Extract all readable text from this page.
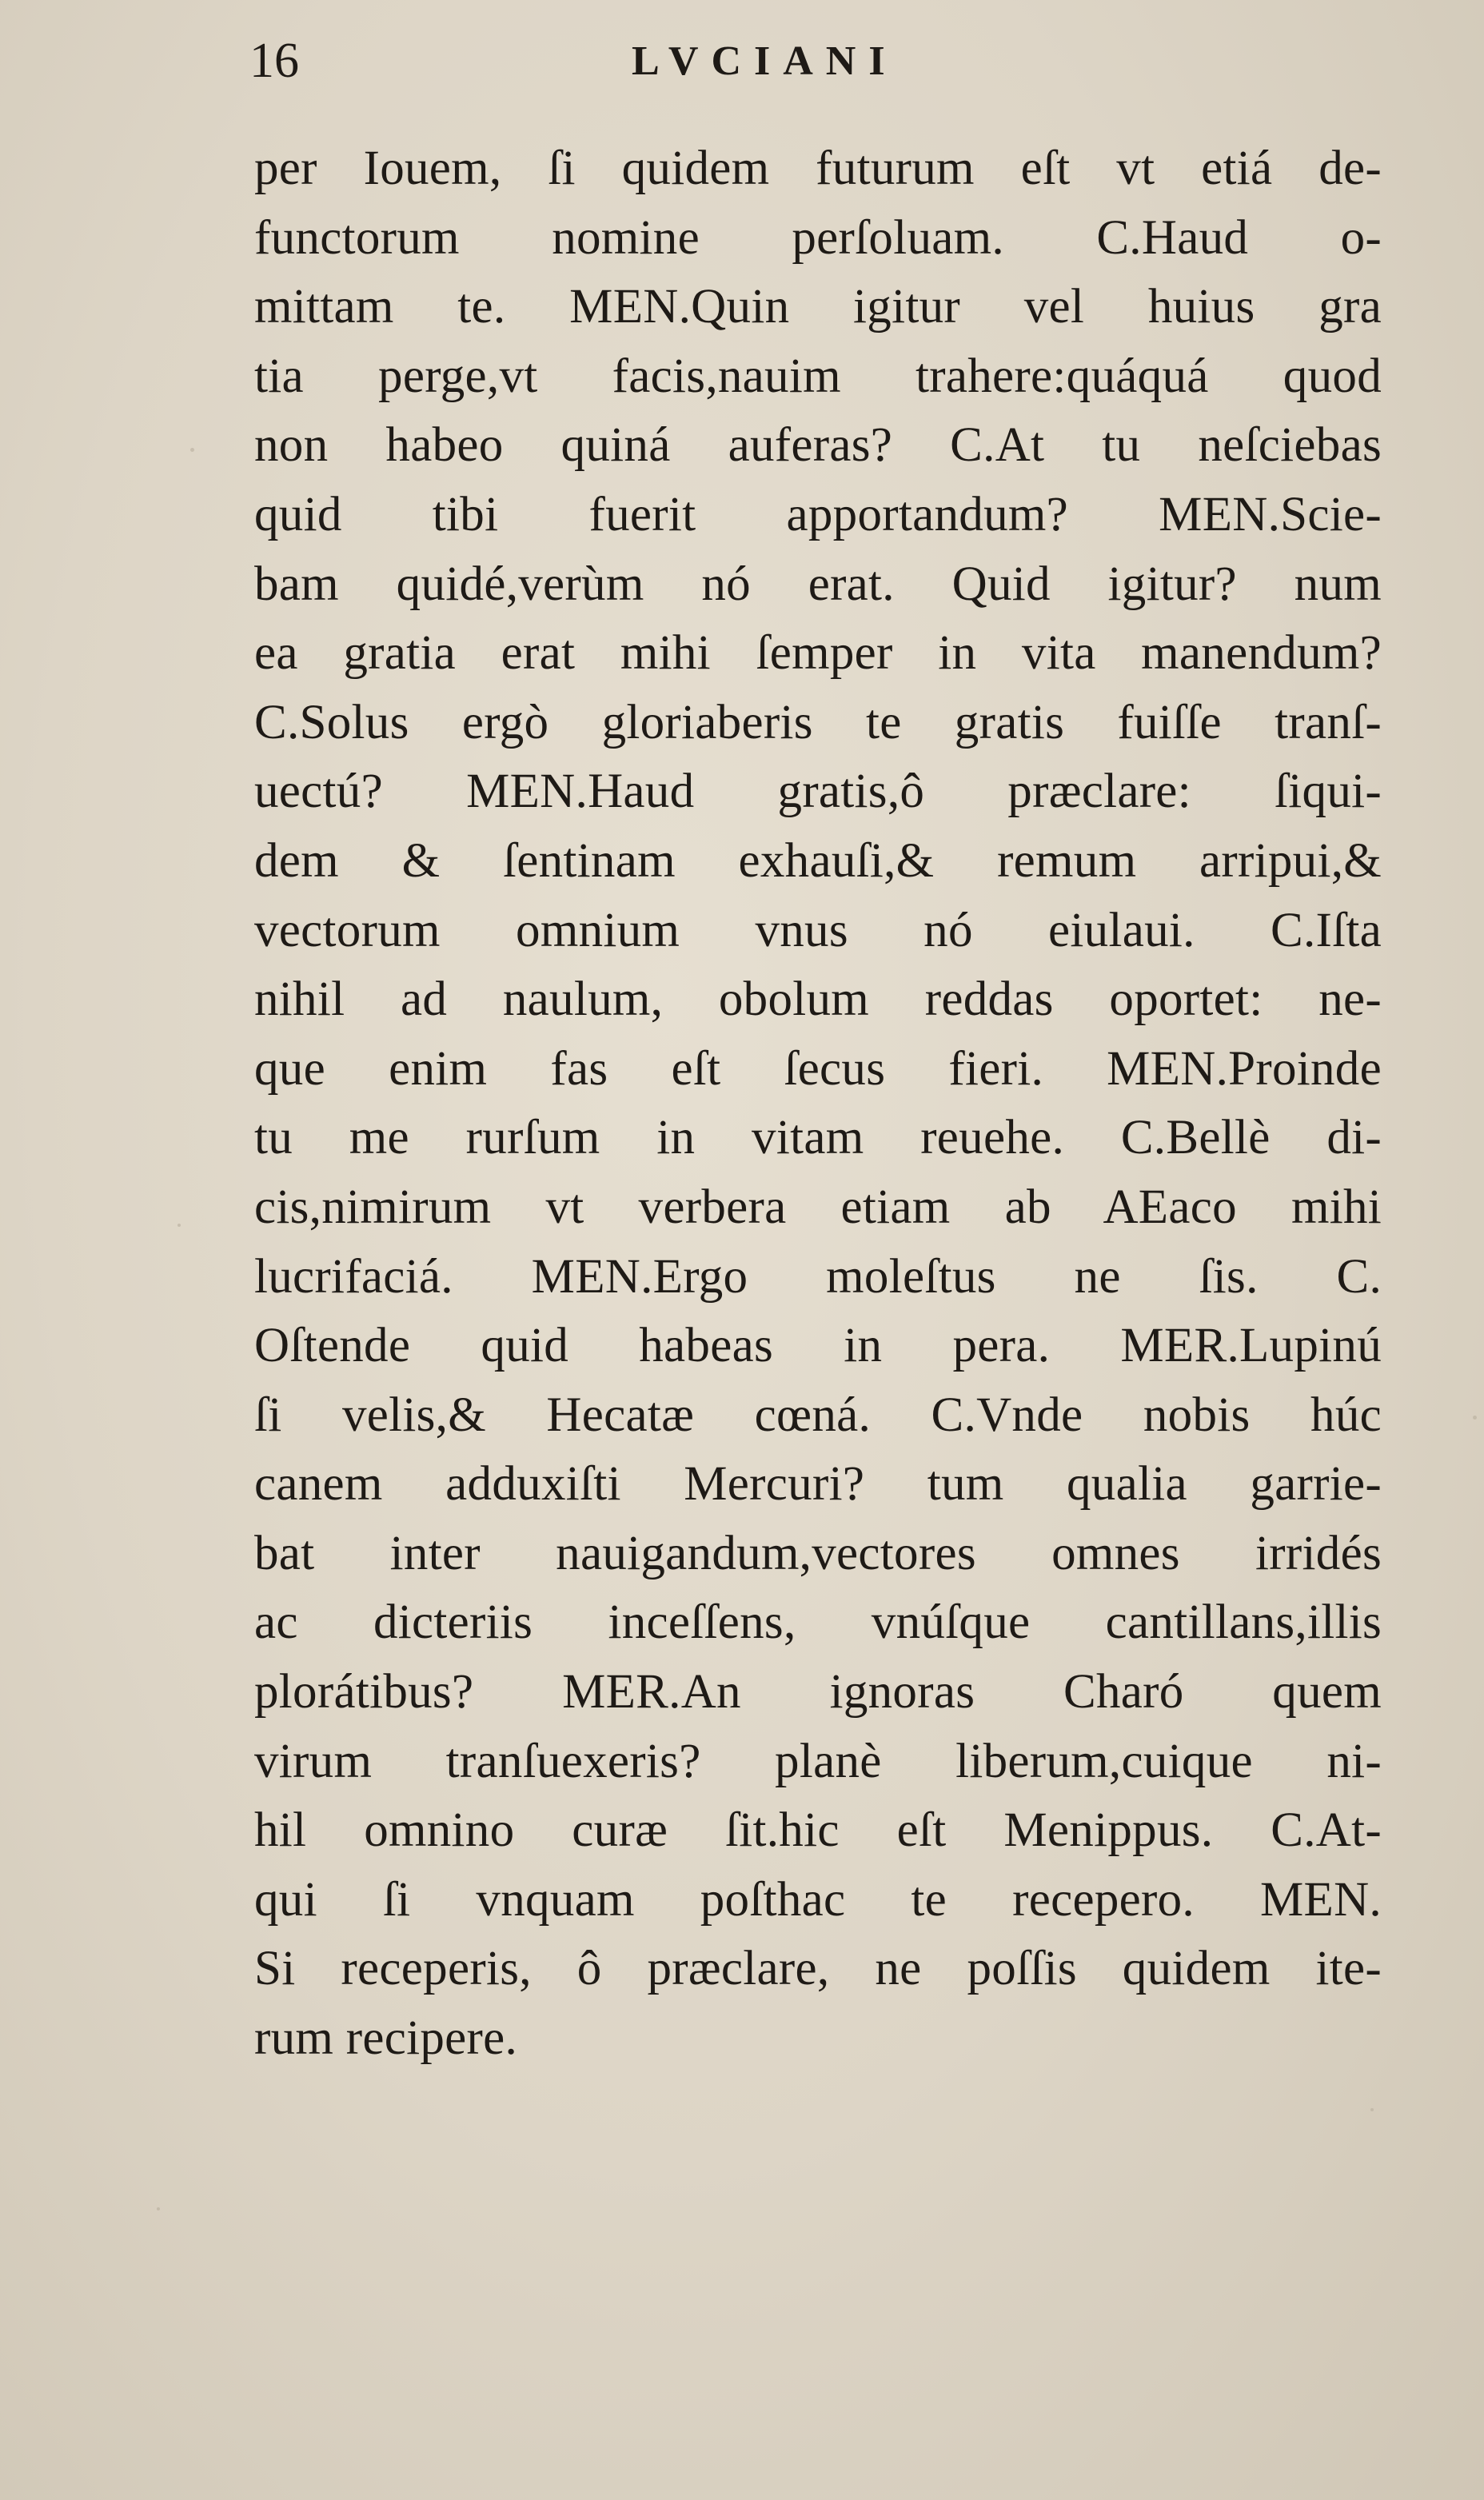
16	LVCIANI
per Iouem, ſi quidem futurum eſt vt etiá de-
functorum nomine perſoluam. C.Haud o-
mittam te. MEN.Quin igitur vel huius gra
tia perge,vt facis,nauim trahere:quáquá quod
non habeo quiná auferas? C.At tu neſciebas
quid tibi fuerit apportandum? MEN.Scie-
bam quidé,verùm nó erat. Quid igitur? num
ea gratia erat mihi ſemper in vita manendum?
C.Solus ergò gloriaberis te gratis fuiſſe tranſ-
uectú? MEN.Haud gratis,ô præclare: ſiqui-
dem & ſentinam exhauſi,& remum arripui,&
vectorum omnium vnus nó eiulaui. C.Iſta
nihil ad naulum, obolum reddas oportet: ne-
que enim fas eſt ſecus fieri. MEN.Proinde
tu me rurſum in vitam reuehe. C.Bellè di-
cis,nimirum vt verbera etiam ab AEaco mihi
lucrifaciá. MEN.Ergo moleſtus ne ſis. C.
Oſtende quid habeas in pera. MER.Lupinú
ſi velis,& Hecatæ cœná. C.Vnde nobis húc
canem adduxiſti Mercuri? tum qualia garrie-
bat inter nauigandum,vectores omnes irridés
ac dicteriis inceſſens, vnúſque cantillans,illis
plorátibus? MER.An ignoras Charó quem
virum tranſuexeris? planè liberum,cuique ni-
hil omnino curæ ſit.hic eſt Menippus. C.At-
qui ſi vnquam poſthac te recepero. MEN.
Si receperis, ô præclare, ne poſſis quidem ite-
rum recipere.
